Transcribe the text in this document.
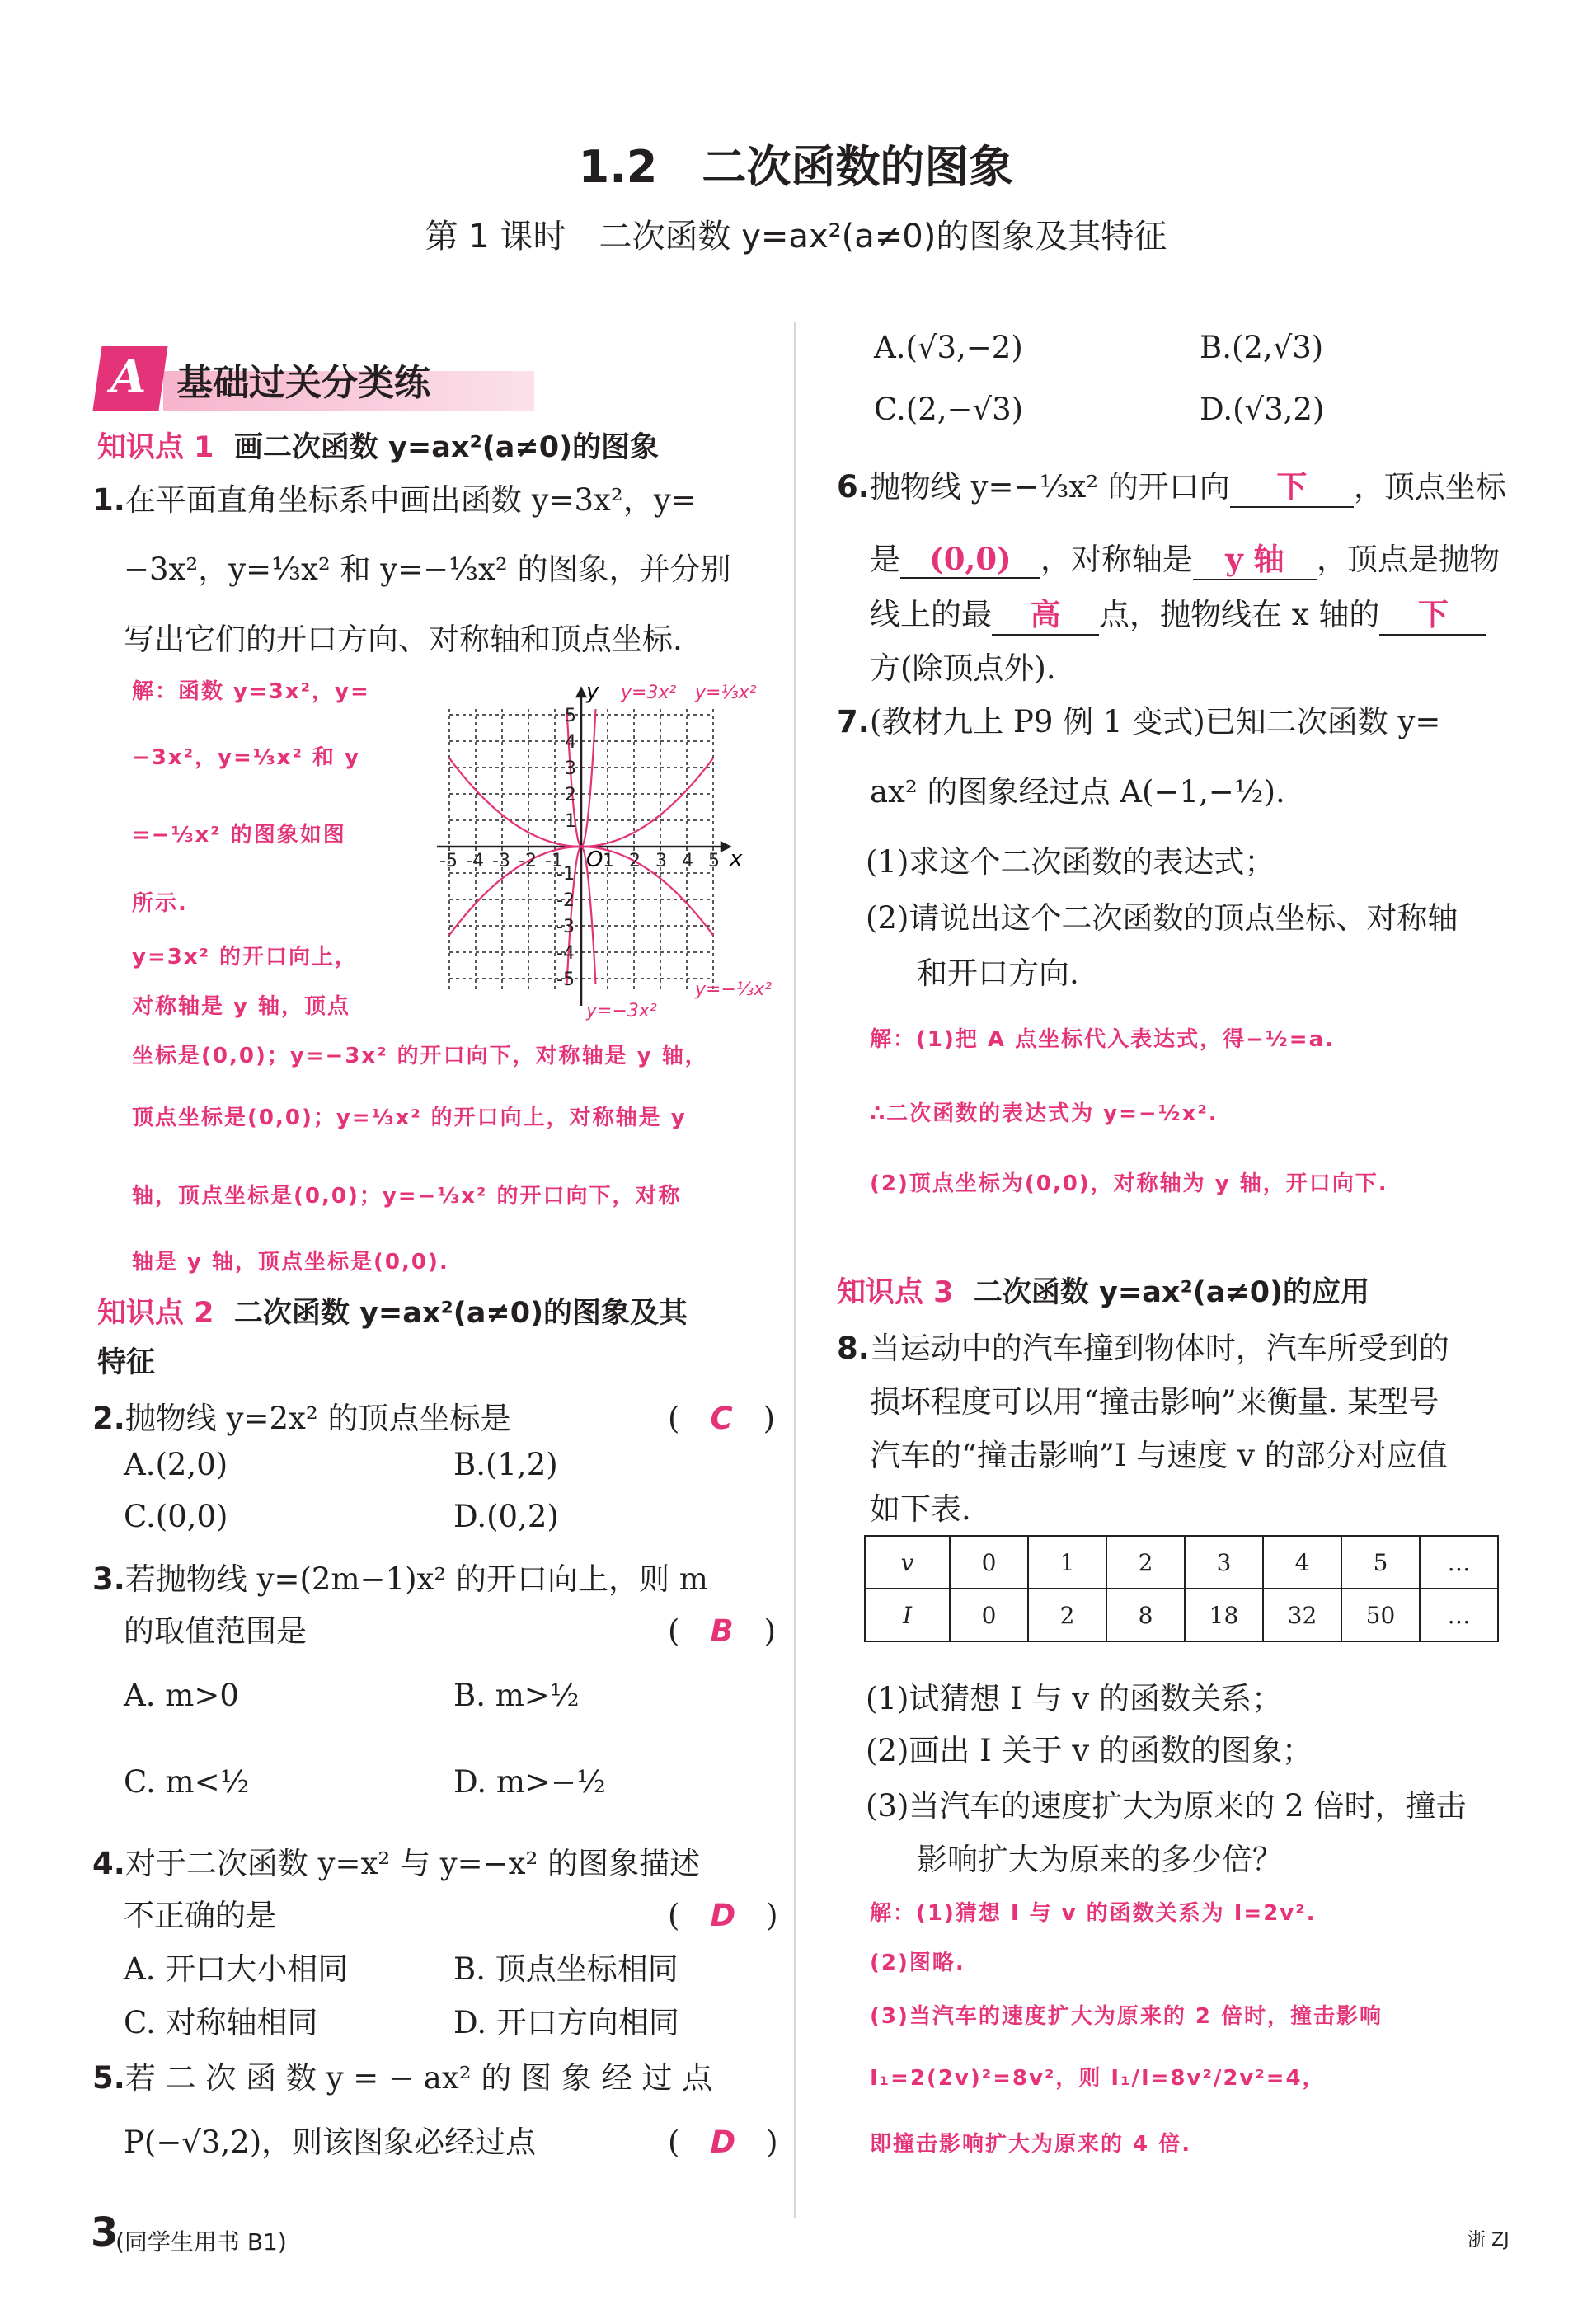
1.2　二次函数的图象
第 1 课时　二次函数 y=ax²(a≠0)的图象及其特征
A 基础过关分类练
知识点 1 画二次函数 y=ax²(a≠0)的图象
1.在平面直角坐标系中画出函数 y=3x²，y=
−3x²，y=⅓x² 和 y=−⅓x² 的图象，并分别
写出它们的开口方向、对称轴和顶点坐标.
解：函数 y=3x²，y=
−3x²，y=⅓x² 和 y
=−⅓x² 的图象如图
所示.
y=3x² 的开口向上，
对称轴是 y 轴，顶点
坐标是(0,0)；y=−3x² 的开口向下，对称轴是 y 轴，
顶点坐标是(0,0)；y=⅓x² 的开口向上，对称轴是 y
轴，顶点坐标是(0,0)；y=−⅓x² 的开口向下，对称
轴是 y 轴，顶点坐标是(0,0).
y
x
O
-5 -4 -3 -2 -1 1 2 3 4 5
5
4
3
2
1
-1
-2
-3
-4
-5
y=3x² y=⅓x²
y=−3x²
y=−⅓x²
知识点 2 二次函数 y=ax²(a≠0)的图象及其
特征
2.抛物线 y=2x² 的顶点坐标是	(　C　)
A.(2,0)	B.(1,2)
C.(0,0)	D.(0,2)
3.若抛物线 y=(2m−1)x² 的开口向上，则 m
的取值范围是	(　B　)
A. m>0	B. m>½
C. m<½	D. m>−½
4.对于二次函数 y=x² 与 y=−x² 的图象描述
不正确的是	(　D　)
A. 开口大小相同	B. 顶点坐标相同
C. 对称轴相同	D. 开口方向相同
5.若 二 次 函 数 y = − ax² 的 图 象 经 过 点
P(−√3,2)，则该图象必经过点	(　D　)
A.(√3,−2)	B.(2,√3)
C.(2,−√3)	D.(√3,2)
6.抛物线 y=−⅓x² 的开口向 下 ，顶点坐标
是 (0,0) ，对称轴是 y 轴 ，顶点是抛物
线上的最 高 点，抛物线在 x 轴的 下
方(除顶点外).
7.(教材九上 P9 例 1 变式)已知二次函数 y=
ax² 的图象经过点 A(−1,−½).
(1)求这个二次函数的表达式；
(2)请说出这个二次函数的顶点坐标、对称轴
和开口方向.
解：(1)把 A 点坐标代入表达式，得−½=a.
∴二次函数的表达式为 y=−½x².
(2)顶点坐标为(0,0)，对称轴为 y 轴，开口向下.
知识点 3 二次函数 y=ax²(a≠0)的应用
8.当运动中的汽车撞到物体时，汽车所受到的
损坏程度可以用“撞击影响”来衡量. 某型号
汽车的“撞击影响”I 与速度 v 的部分对应值
如下表.
v	0	1	2	3	4	5	…
I	0	2	8	18	32	50	…
(1)试猜想 I 与 v 的函数关系；
(2)画出 I 关于 v 的函数的图象；
(3)当汽车的速度扩大为原来的 2 倍时，撞击
影响扩大为原来的多少倍？
解：(1)猜想 I 与 v 的函数关系为 I=2v².
(2)图略.
(3)当汽车的速度扩大为原来的 2 倍时，撞击影响
I₁=2(2v)²=8v²，则 I₁/I=8v²/2v²=4，
即撞击影响扩大为原来的 4 倍.
3
(同学生用书 B1)	浙 ZJ
